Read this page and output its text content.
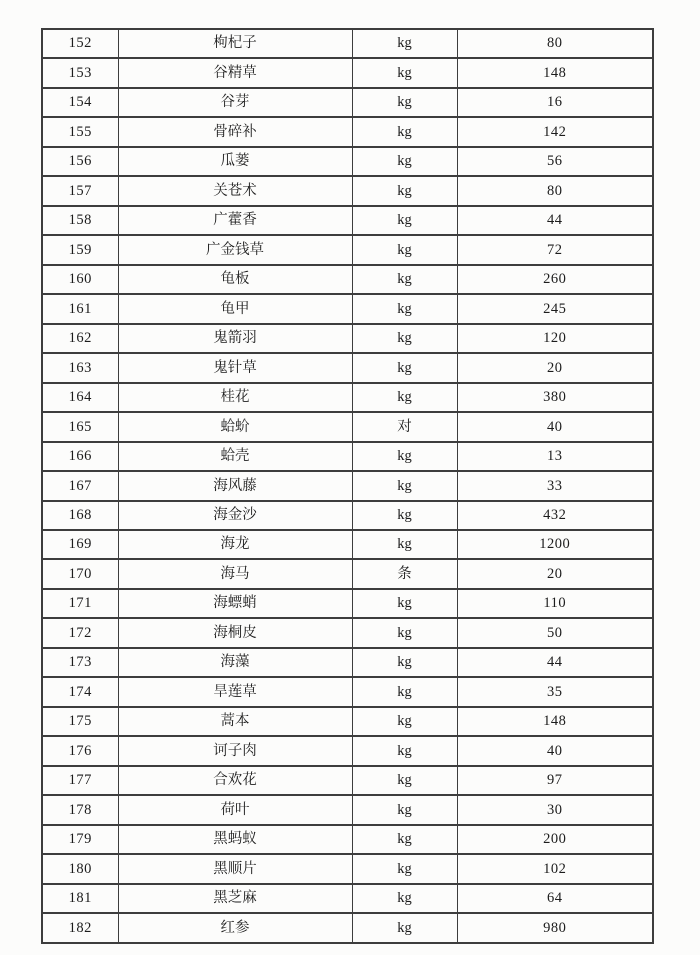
152	枸杞子	kg	80
153	谷精草	kg	148
154	谷芽	kg	16
155	骨碎补	kg	142
156	瓜蒌	kg	56
157	关苍术	kg	80
158	广藿香	kg	44
159	广金钱草	kg	72
160	龟板	kg	260
161	龟甲	kg	245
162	鬼箭羽	kg	120
163	鬼针草	kg	20
164	桂花	kg	380
165	蛤蚧	对	40
166	蛤壳	kg	13
167	海风藤	kg	33
168	海金沙	kg	432
169	海龙	kg	1200
170	海马	条	20
171	海螵蛸	kg	110
172	海桐皮	kg	50
173	海藻	kg	44
174	旱莲草	kg	35
175	蒿本	kg	148
176	诃子肉	kg	40
177	合欢花	kg	97
178	荷叶	kg	30
179	黑蚂蚁	kg	200
180	黑顺片	kg	102
181	黑芝麻	kg	64
182	红参	kg	980
